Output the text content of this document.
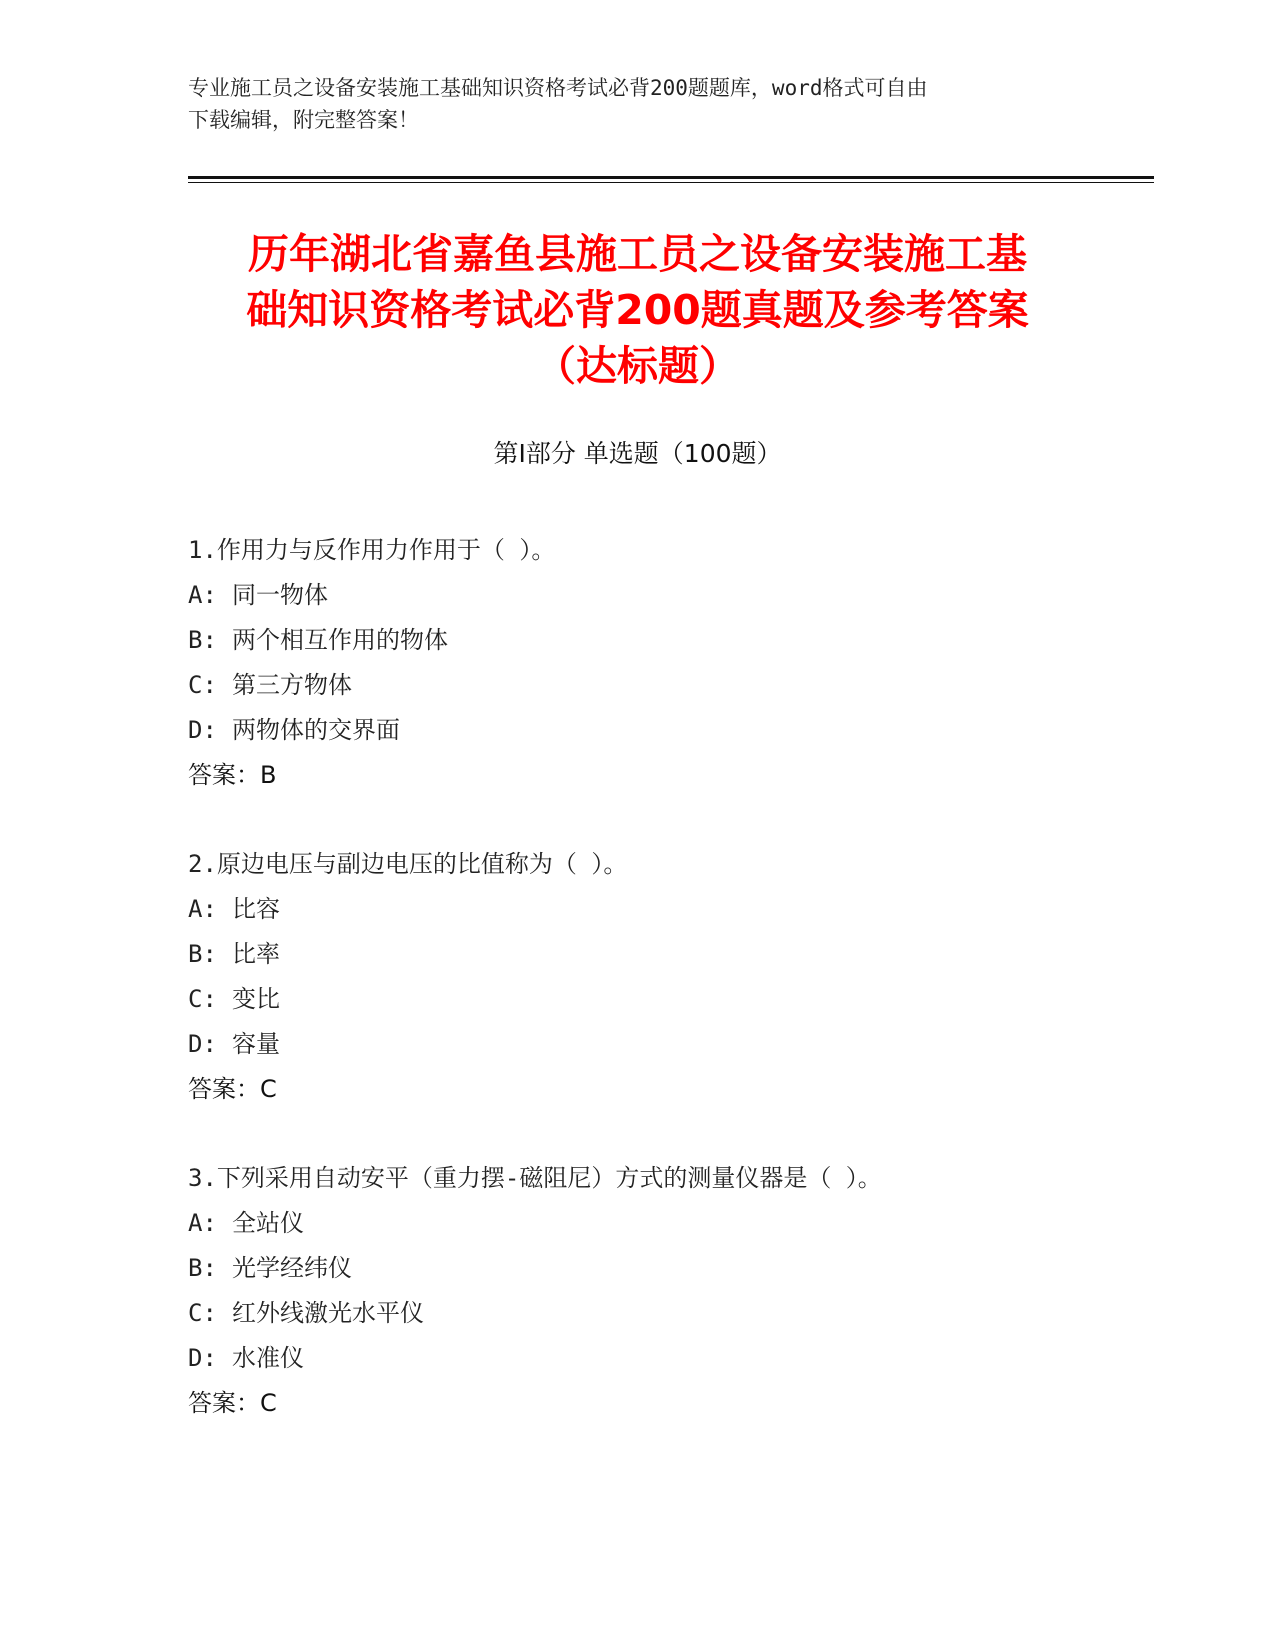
专业施工员之设备安装施工基础知识资格考试必背200题题库，word格式可自由
下载编辑，附完整答案！
历年湖北省嘉鱼县施工员之设备安装施工基
础知识资格考试必背200题真题及参考答案
（达标题）
第Ⅰ部分 单选题（100题）
1.作用力与反作用力作用于（ ）。
A: 同一物体
B: 两个相互作用的物体
C: 第三方物体
D: 两物体的交界面
答案：B
2.原边电压与副边电压的比值称为（ ）。
A: 比容
B: 比率
C: 变比
D: 容量
答案：C
3.下列采用自动安平（重力摆-磁阻尼）方式的测量仪器是（ ）。
A: 全站仪
B: 光学经纬仪
C: 红外线激光水平仪
D: 水准仪
答案：C
